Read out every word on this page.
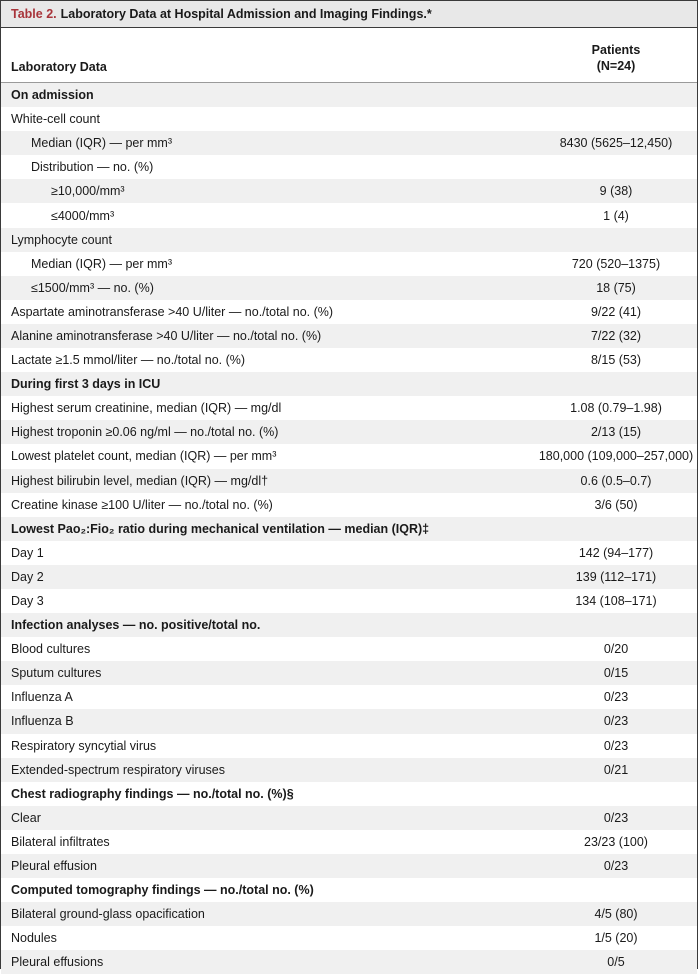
Table 2. Laboratory Data at Hospital Admission and Imaging Findings.*
Laboratory Data
Patients
(N=24)
On admission
White-cell count
Median (IQR) — per mm³	8430 (5625–12,450)
Distribution — no. (%)
≥10,000/mm³	9 (38)
≤4000/mm³	1 (4)
Lymphocyte count
Median (IQR) — per mm³	720 (520–1375)
≤1500/mm³ — no. (%)	18 (75)
Aspartate aminotransferase >40 U/liter — no./total no. (%)	9/22 (41)
Alanine aminotransferase >40 U/liter — no./total no. (%)	7/22 (32)
Lactate ≥1.5 mmol/liter — no./total no. (%)	8/15 (53)
During first 3 days in ICU
Highest serum creatinine, median (IQR) — mg/dl	1.08 (0.79–1.98)
Highest troponin ≥0.06 ng/ml — no./total no. (%)	2/13 (15)
Lowest platelet count, median (IQR) — per mm³	180,000 (109,000–257,000)
Highest bilirubin level, median (IQR) — mg/dl†	0.6 (0.5–0.7)
Creatine kinase ≥100 U/liter — no./total no. (%)	3/6 (50)
Lowest Pao₂:Fio₂ ratio during mechanical ventilation — median (IQR)‡
Day 1	142 (94–177)
Day 2	139 (112–171)
Day 3	134 (108–171)
Infection analyses — no. positive/total no.
Blood cultures	0/20
Sputum cultures	0/15
Influenza A	0/23
Influenza B	0/23
Respiratory syncytial virus	0/23
Extended-spectrum respiratory viruses	0/21
Chest radiography findings — no./total no. (%)§
Clear	0/23
Bilateral infiltrates	23/23 (100)
Pleural effusion	0/23
Computed tomography findings — no./total no. (%)
Bilateral ground-glass opacification	4/5 (80)
Nodules	1/5 (20)
Pleural effusions	0/5
